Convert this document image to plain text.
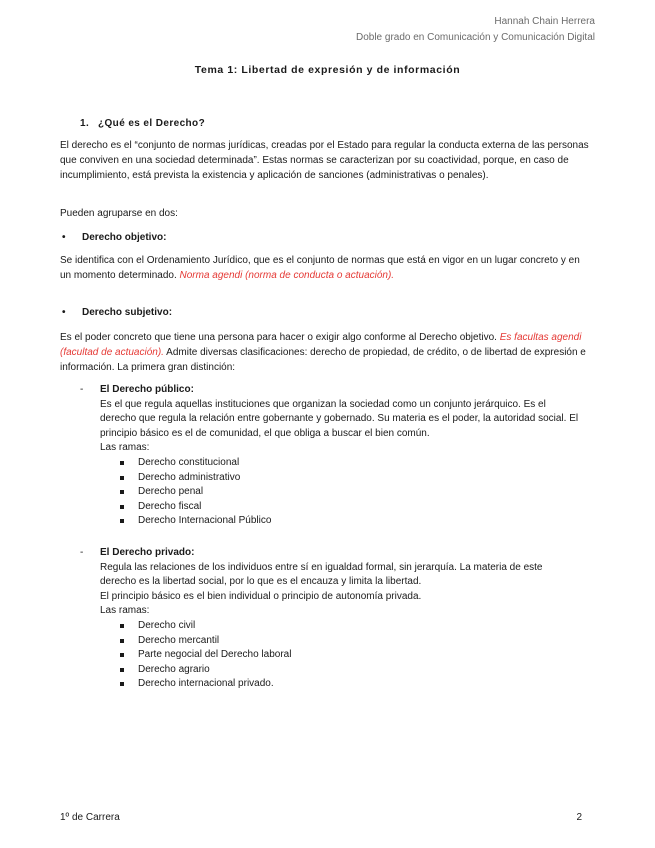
Hannah Chain Herrera
Doble grado en Comunicación y Comunicación Digital
Tema 1: Libertad de expresión y de información
1. ¿Qué es el Derecho?

El derecho es el “conjunto de normas jurídicas, creadas por el Estado para regular la conducta externa de las personas que conviven en una sociedad determinada”. Estas normas se caracterizan por su coactividad, porque, en caso de incumplimiento, está prevista la existencia y aplicación de sanciones (administrativas o penales).

Pueden agruparse en dos:

• Derecho objetivo:

Se identifica con el Ordenamiento Jurídico, que es el conjunto de normas que está en vigor en un lugar concreto y en un momento determinado. Norma agendi (norma de conducta o actuación).

• Derecho subjetivo:

Es el poder concreto que tiene una persona para hacer o exigir algo conforme al Derecho objetivo. Es facultas agendi (facultad de actuación). Admite diversas clasificaciones: derecho de propiedad, de crédito, o de libertad de expresión e información. La primera gran distinción:

- El Derecho público:
Es el que regula aquellas instituciones que organizan la sociedad como un conjunto jerárquico. Es el derecho que regula la relación entre gobernante y gobernado. Su materia es el poder, la autoridad social. El principio básico es el de comunidad, el que obliga a buscar el bien común.
Las ramas:
Derecho constitucional
Derecho administrativo
Derecho penal
Derecho fiscal
Derecho Internacional Público
- El Derecho privado:
Regula las relaciones de los individuos entre sí en igualdad formal, sin jerarquía. La materia de este derecho es la libertad social, por lo que es el encauza y limita la libertad.
El principio básico es el bien individual o principio de autonomía privada.
Las ramas:
Derecho civil
Derecho mercantil
Parte negocial del Derecho laboral
Derecho agrario
Derecho internacional privado.
1º de Carrera	2
